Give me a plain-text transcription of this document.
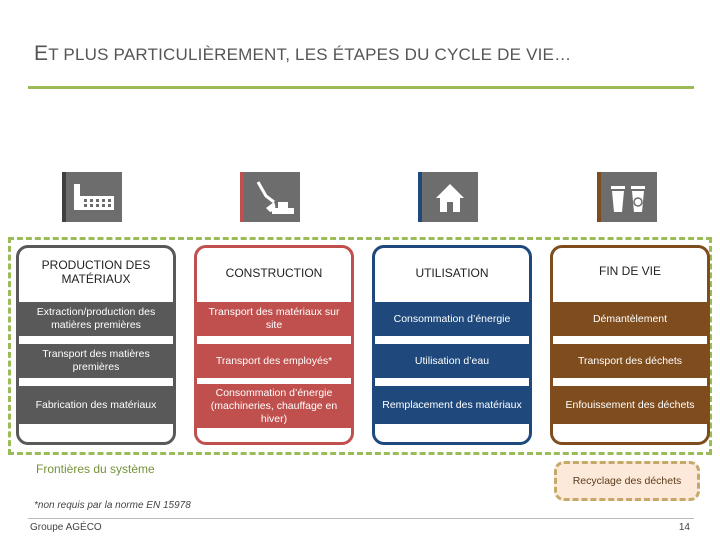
ET PLUS PARTICULIÈREMENT, LES ÉTAPES DU CYCLE DE VIE…
PRODUCTION DES MATÉRIAUX
Extraction/production des matières premières
Transport des matières premières
Fabrication des matériaux
CONSTRUCTION
Transport des matériaux sur site
Transport des employés*
Consommation d’énergie (machineries, chauffage en hiver)
UTILISATION
Consommation d’énergie
Utilisation d’eau
Remplacement des matériaux
FIN DE VIE
Démantèlement
Transport des déchets
Enfouissement des déchets
Frontières du système
Recyclage des déchets
*non requis par la norme EN 15978
Groupe AGÉCO	14
